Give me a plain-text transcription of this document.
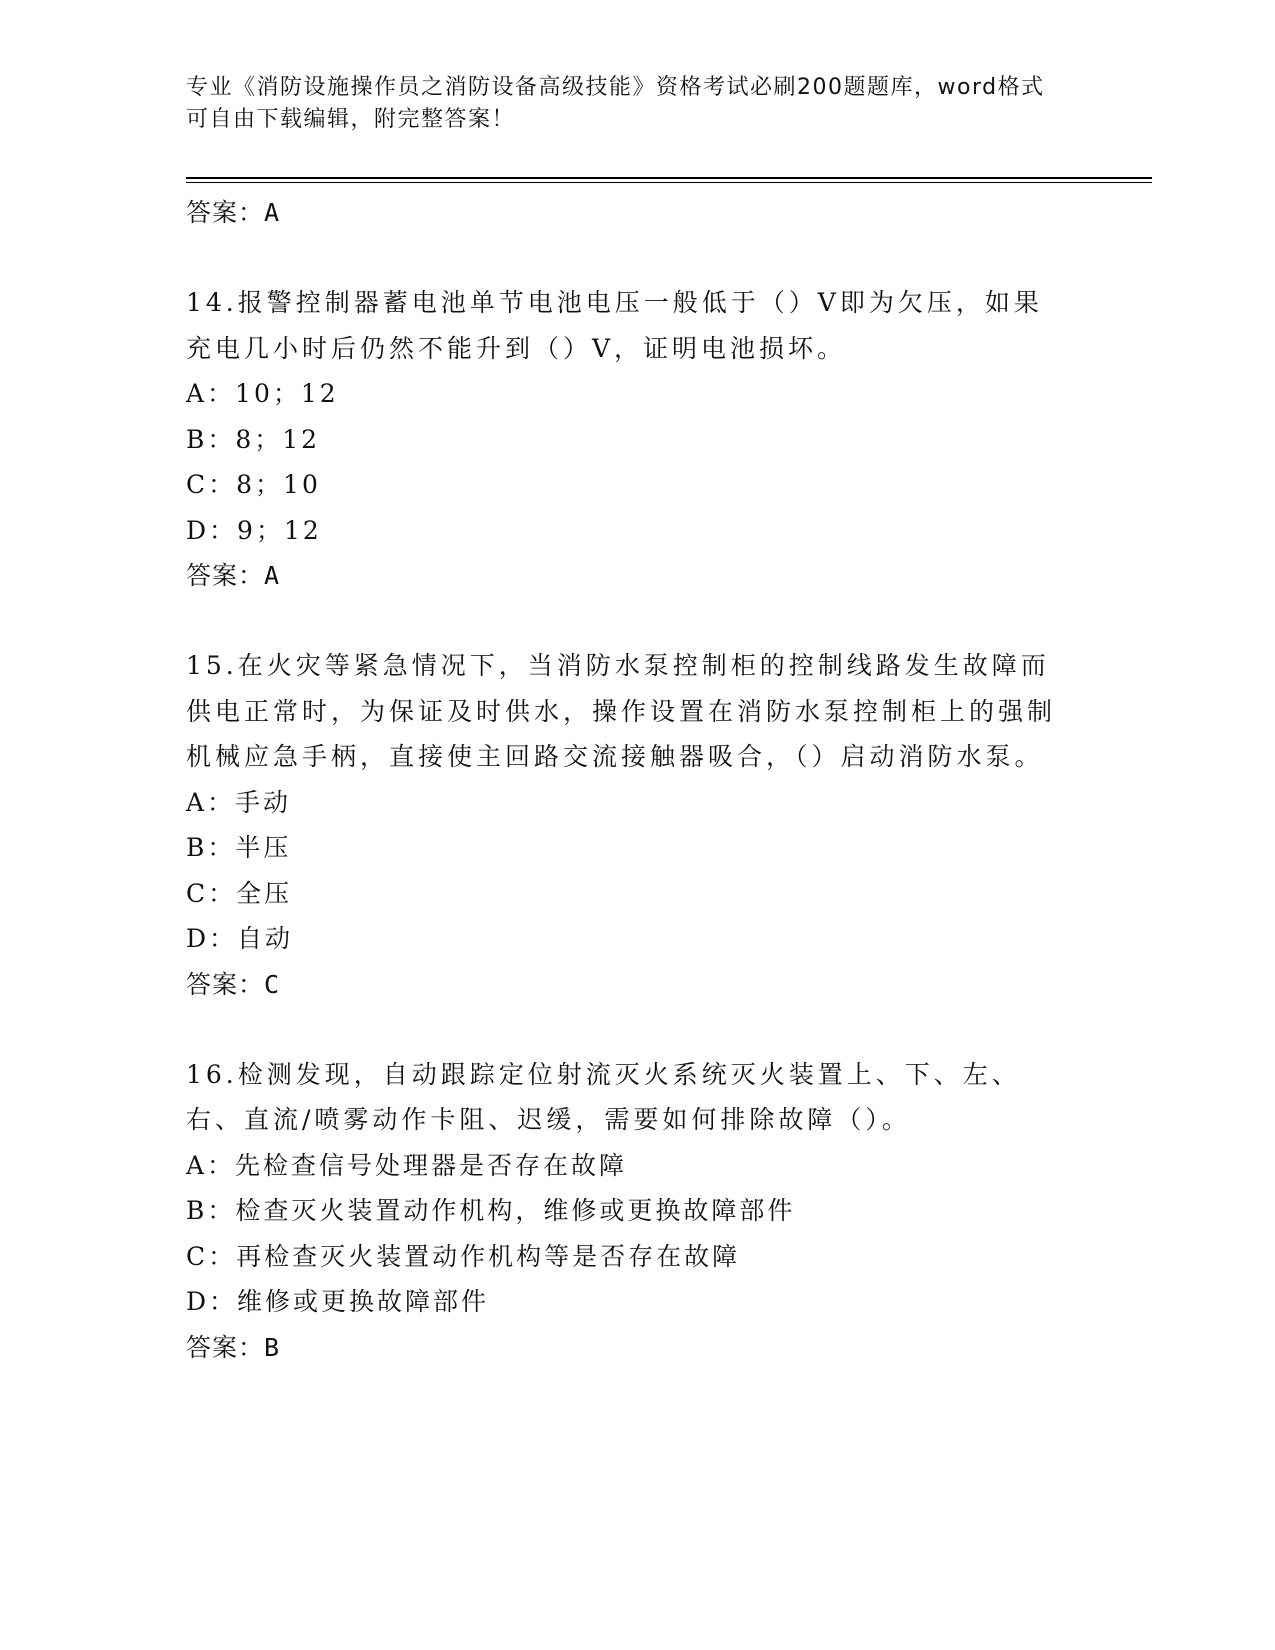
专业《消防设施操作员之消防设备高级技能》资格考试必刷200题题库，word格式可自由下载编辑，附完整答案！
答案：A
14.报警控制器蓄电池单节电池电压一般低于（）V即为欠压，如果充电几小时后仍然不能升到（）V，证明电池损坏。
A：10；12
B：8；12
C：8；10
D：9；12
答案：A
15.在火灾等紧急情况下，当消防水泵控制柜的控制线路发生故障而供电正常时，为保证及时供水，操作设置在消防水泵控制柜上的强制机械应急手柄，直接使主回路交流接触器吸合，（）启动消防水泵。
A：手动
B：半压
C：全压
D：自动
答案：C
16.检测发现，自动跟踪定位射流灭火系统灭火装置上、下、左、右、直流/喷雾动作卡阻、迟缓，需要如何排除故障（）。
A：先检查信号处理器是否存在故障
B：检查灭火装置动作机构，维修或更换故障部件
C：再检查灭火装置动作机构等是否存在故障
D：维修或更换故障部件
答案：B
